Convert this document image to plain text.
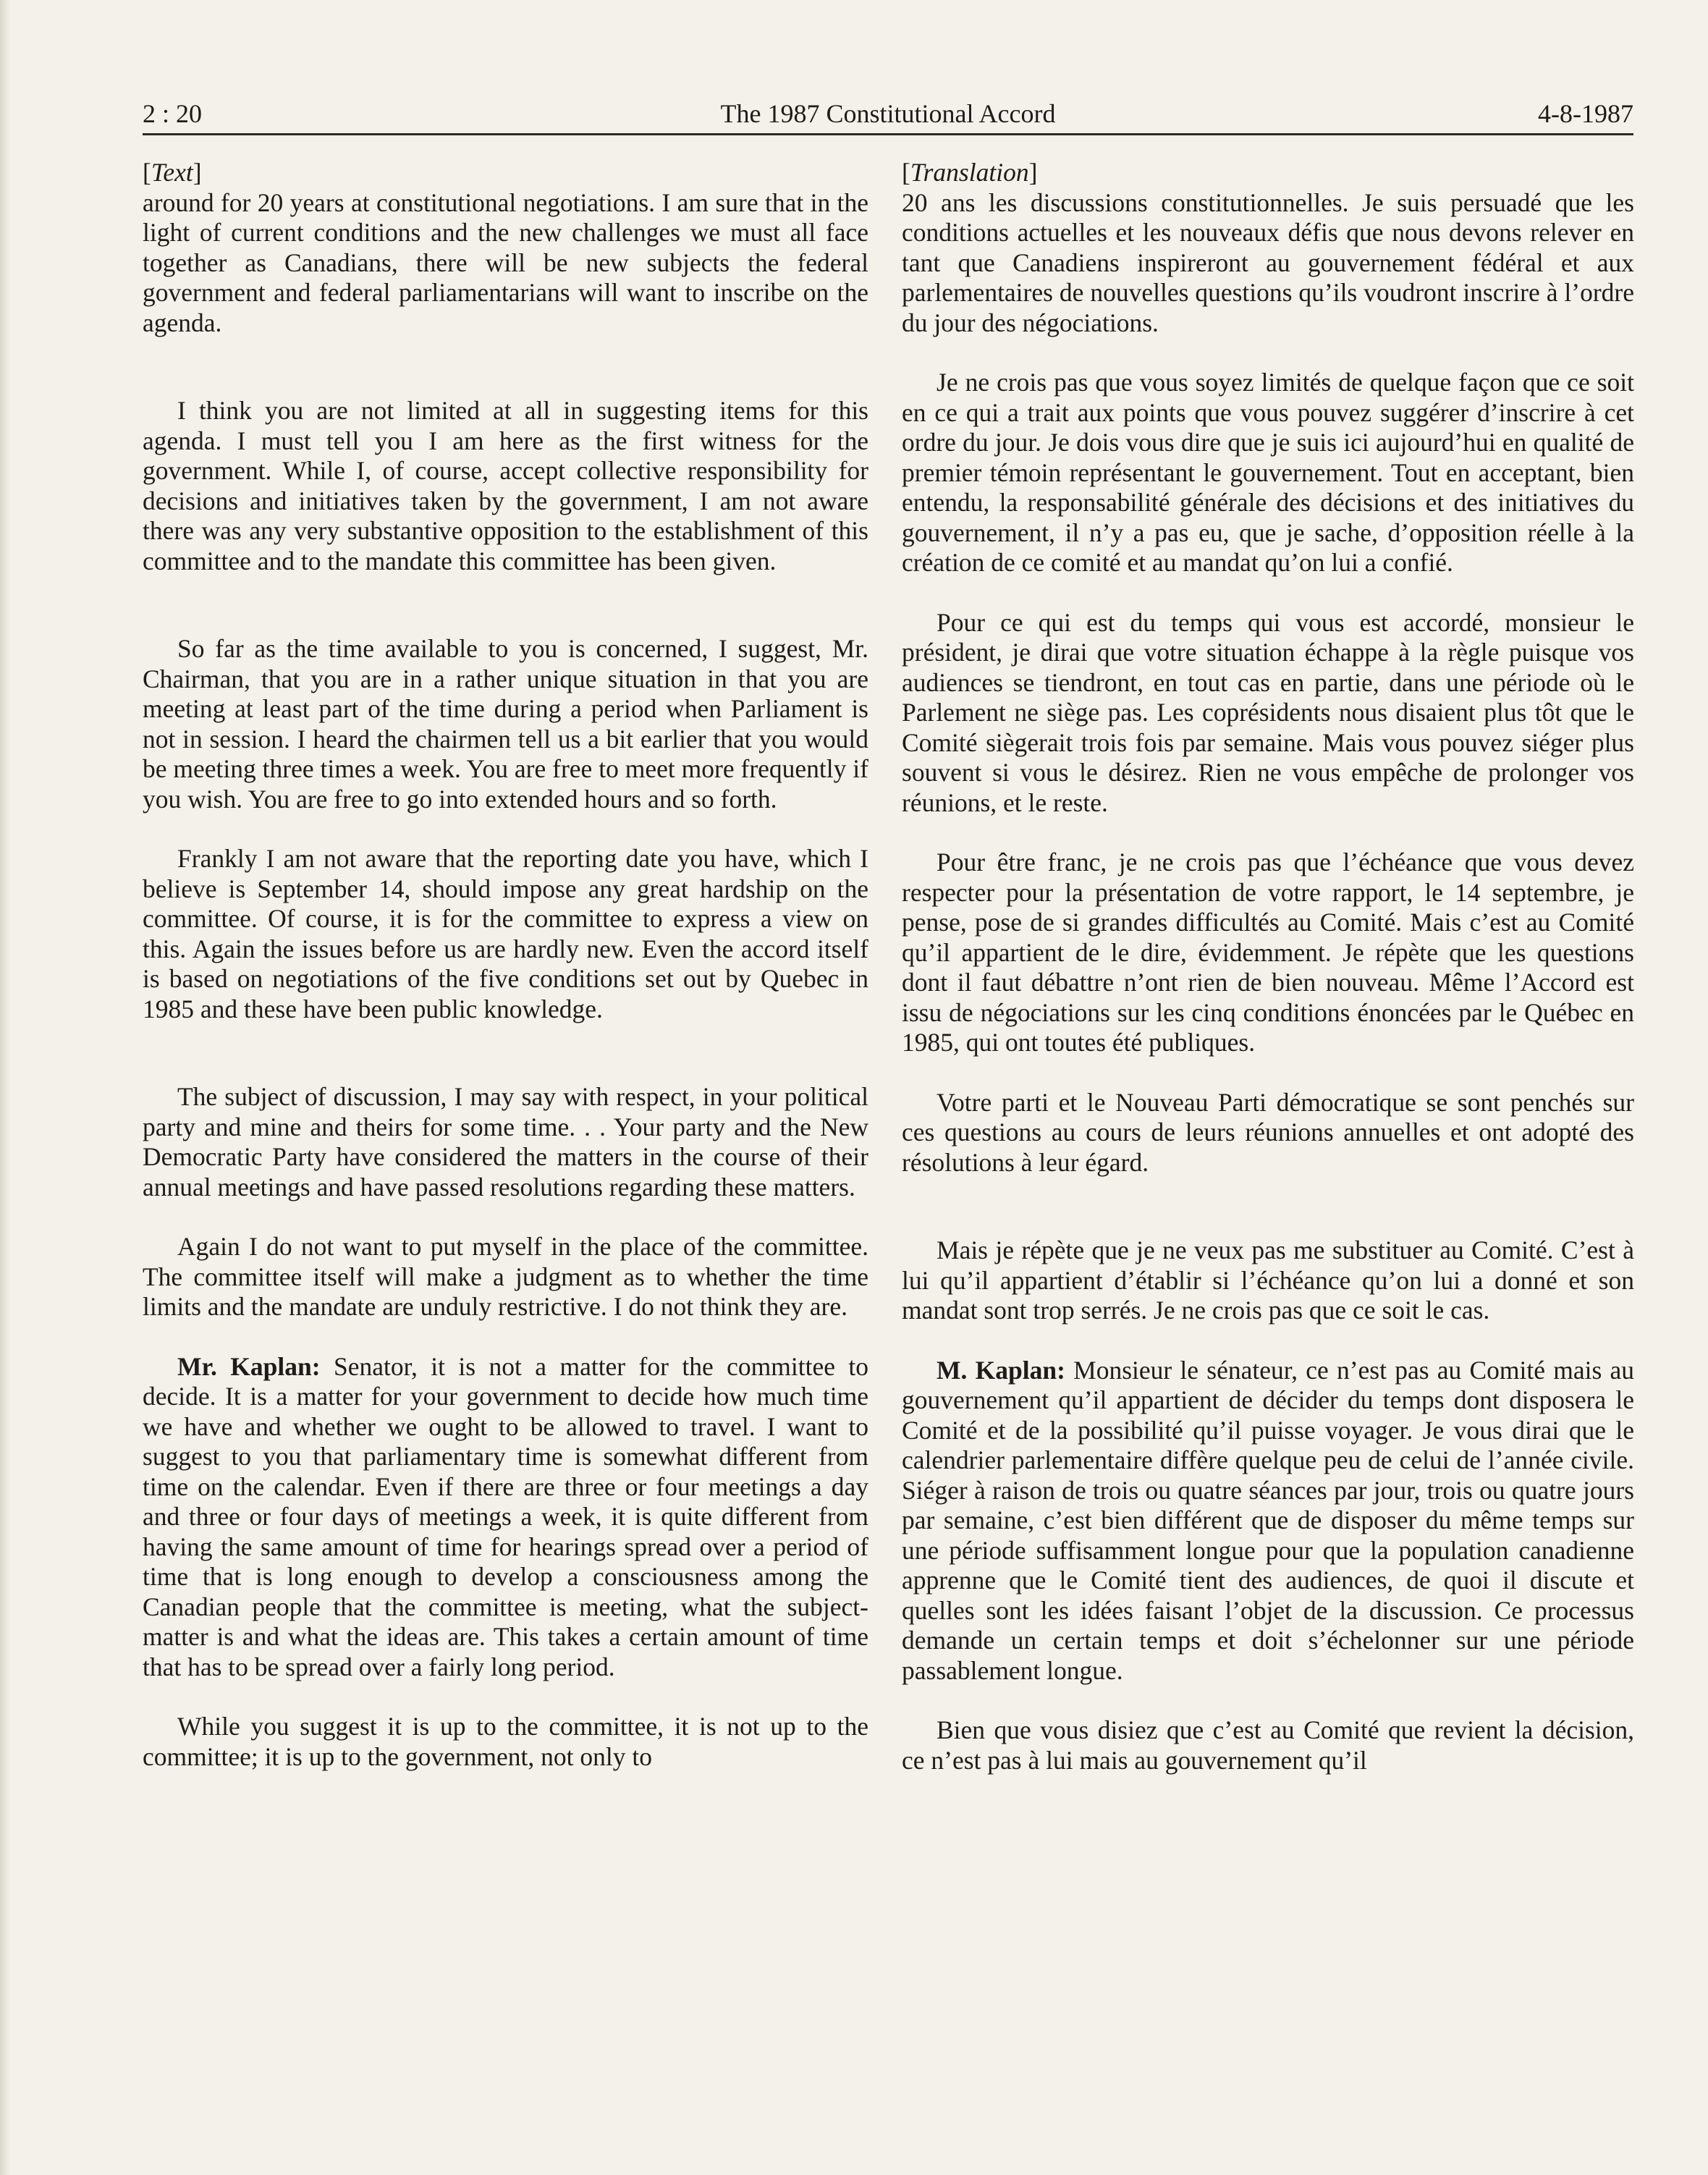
2 : 20	The 1987 Constitutional Accord	4-8-1987
[Text]

around for 20 years at constitutional negotiations. I am sure that in the light of current conditions and the new challenges we must all face together as Canadians, there will be new subjects the federal government and federal parliamentarians will want to inscribe on the agenda.

I think you are not limited at all in suggesting items for this agenda. I must tell you I am here as the first witness for the government. While I, of course, accept collective responsibility for decisions and initiatives taken by the government, I am not aware there was any very substantive opposition to the establishment of this committee and to the mandate this committee has been given.

So far as the time available to you is concerned, I suggest, Mr. Chairman, that you are in a rather unique situation in that you are meeting at least part of the time during a period when Parliament is not in session. I heard the chairmen tell us a bit earlier that you would be meeting three times a week. You are free to meet more frequently if you wish. You are free to go into extended hours and so forth.

Frankly I am not aware that the reporting date you have, which I believe is September 14, should impose any great hardship on the committee. Of course, it is for the committee to express a view on this. Again the issues before us are hardly new. Even the accord itself is based on negotiations of the five conditions set out by Quebec in 1985 and these have been public knowledge.

The subject of discussion, I may say with respect, in your political party and mine and theirs for some time. . . Your party and the New Democratic Party have considered the matters in the course of their annual meetings and have passed resolutions regarding these matters.

Again I do not want to put myself in the place of the committee. The committee itself will make a judgment as to whether the time limits and the mandate are unduly restrictive. I do not think they are.

Mr. Kaplan: Senator, it is not a matter for the committee to decide. It is a matter for your government to decide how much time we have and whether we ought to be allowed to travel. I want to suggest to you that parliamentary time is somewhat different from time on the calendar. Even if there are three or four meetings a day and three or four days of meetings a week, it is quite different from having the same amount of time for hearings spread over a period of time that is long enough to develop a consciousness among the Canadian people that the committee is meeting, what the subject-matter is and what the ideas are. This takes a certain amount of time that has to be spread over a fairly long period.

While you suggest it is up to the committee, it is not up to the committee; it is up to the government, not only to

[Translation]

20 ans les discussions constitutionnelles. Je suis persuadé que les conditions actuelles et les nouveaux défis que nous devons relever en tant que Canadiens inspireront au gouvernement fédéral et aux parlementaires de nouvelles questions qu’ils voudront inscrire à l’ordre du jour des négociations.

Je ne crois pas que vous soyez limités de quelque façon que ce soit en ce qui a trait aux points que vous pouvez suggérer d’inscrire à cet ordre du jour. Je dois vous dire que je suis ici aujourd’hui en qualité de premier témoin représentant le gouvernement. Tout en acceptant, bien entendu, la responsabilité générale des décisions et des initiatives du gouvernement, il n’y a pas eu, que je sache, d’opposition réelle à la création de ce comité et au mandat qu’on lui a confié.

Pour ce qui est du temps qui vous est accordé, monsieur le président, je dirai que votre situation échappe à la règle puisque vos audiences se tiendront, en tout cas en partie, dans une période où le Parlement ne siège pas. Les coprésidents nous disaient plus tôt que le Comité siègerait trois fois par semaine. Mais vous pouvez siéger plus souvent si vous le désirez. Rien ne vous empêche de prolonger vos réunions, et le reste.

Pour être franc, je ne crois pas que l’échéance que vous devez respecter pour la présentation de votre rapport, le 14 septembre, je pense, pose de si grandes difficultés au Comité. Mais c’est au Comité qu’il appartient de le dire, évidemment. Je répète que les questions dont il faut débattre n’ont rien de bien nouveau. Même l’Accord est issu de négociations sur les cinq conditions énoncées par le Québec en 1985, qui ont toutes été publiques.

Votre parti et le Nouveau Parti démocratique se sont penchés sur ces questions au cours de leurs réunions annuelles et ont adopté des résolutions à leur égard.

Mais je répète que je ne veux pas me substituer au Comité. C’est à lui qu’il appartient d’établir si l’échéance qu’on lui a donné et son mandat sont trop serrés. Je ne crois pas que ce soit le cas.

M. Kaplan: Monsieur le sénateur, ce n’est pas au Comité mais au gouvernement qu’il appartient de décider du temps dont disposera le Comité et de la possibilité qu’il puisse voyager. Je vous dirai que le calendrier parlementaire diffère quelque peu de celui de l’année civile. Siéger à raison de trois ou quatre séances par jour, trois ou quatre jours par semaine, c’est bien différent que de disposer du même temps sur une période suffisamment longue pour que la population canadienne apprenne que le Comité tient des audiences, de quoi il discute et quelles sont les idées faisant l’objet de la discussion. Ce processus demande un certain temps et doit s’échelonner sur une période passablement longue.

Bien que vous disiez que c’est au Comité que revient la décision, ce n’est pas à lui mais au gouvernement qu’il
